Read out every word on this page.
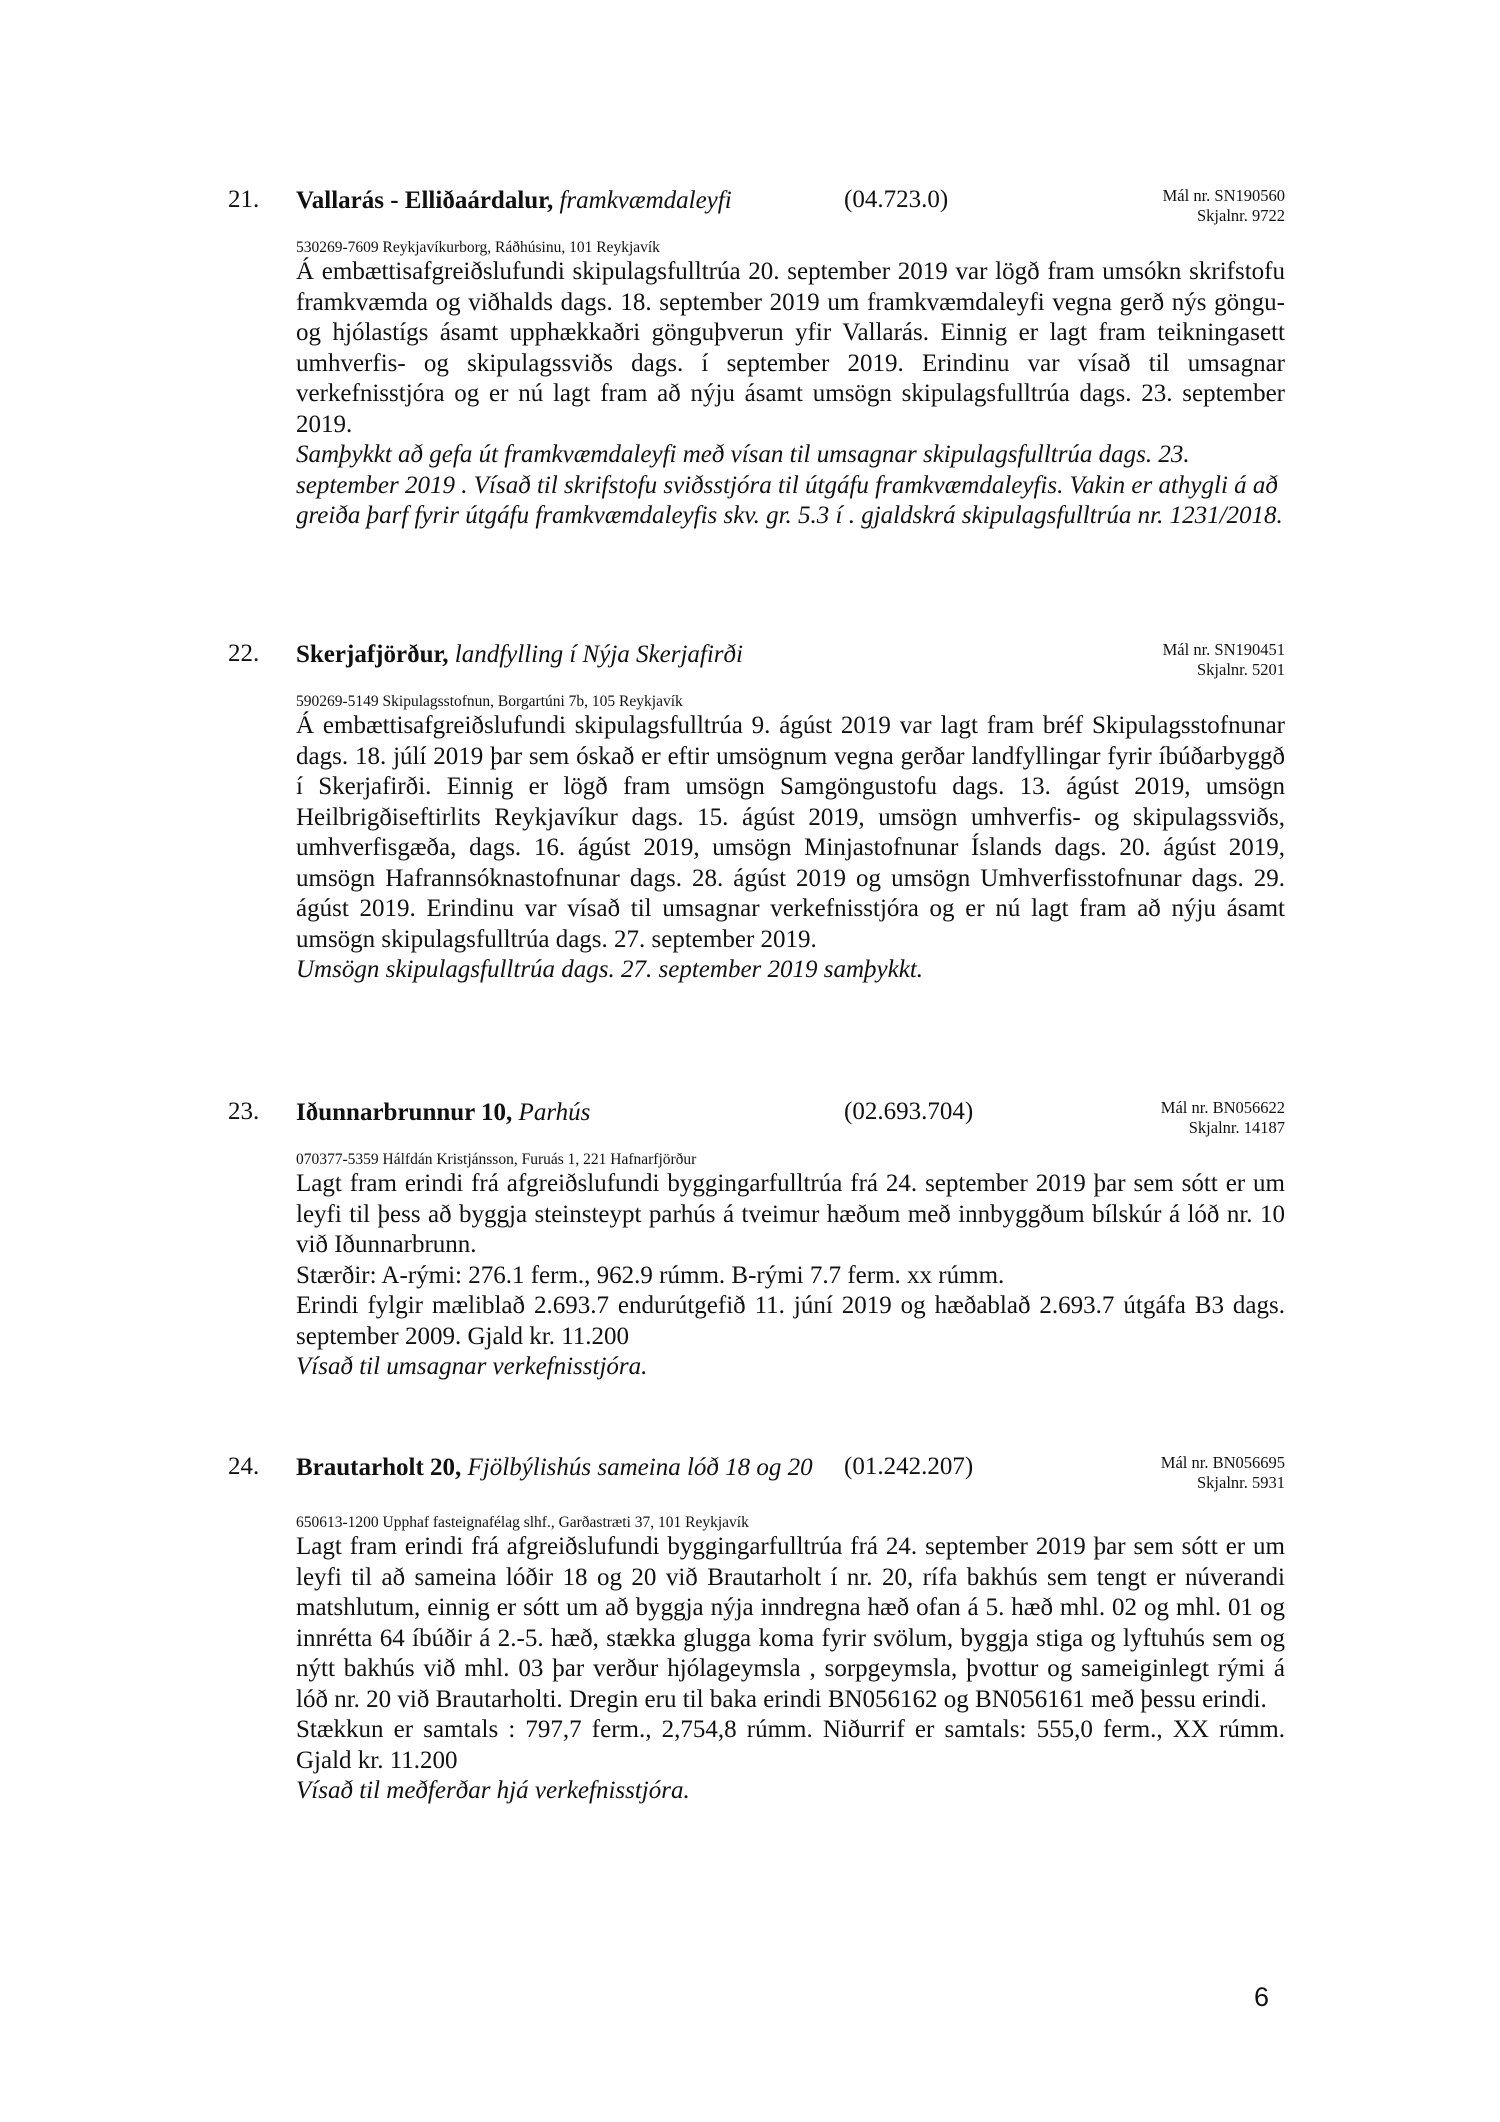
21. Vallarás - Elliðaárdalur, framkvæmdaleyfi	(04.723.0)	Mál nr. SN190560
Skjalnr. 9722
530269-7609 Reykjavíkurborg, Ráðhúsinu, 101 Reykjavík

Á embættisafgreiðslufundi skipulagsfulltrúa 20. september 2019 var lögð fram umsókn skrifstofu framkvæmda og viðhalds dags. 18. september 2019 um framkvæmdaleyfi vegna gerð nýs göngu- og hjólastígs ásamt upphækkaðri gönguþverun yfir Vallarás. Einnig er lagt fram teikningasett umhverfis- og skipulagssviðs dags. í september 2019. Erindinu var vísað til umsagnar verkefnisstjóra og er nú lagt fram að nýju ásamt umsögn skipulagsfulltrúa dags. 23. september 2019.

Samþykkt að gefa út framkvæmdaleyfi með vísan til umsagnar skipulagsfulltrúa dags. 23. september 2019 . Vísað til skrifstofu sviðsstjóra til útgáfu framkvæmdaleyfis. Vakin er athygli á að greiða þarf fyrir útgáfu framkvæmdaleyfis skv. gr. 5.3 í . gjaldskrá skipulagsfulltrúa nr. 1231/2018.

22. Skerjafjörður, landfylling í Nýja Skerjafirði	Mál nr. SN190451
Skjalnr. 5201
590269-5149 Skipulagsstofnun, Borgartúni 7b, 105 Reykjavík

Á embættisafgreiðslufundi skipulagsfulltrúa 9. ágúst 2019 var lagt fram bréf Skipulagsstofnunar dags. 18. júlí 2019 þar sem óskað er eftir umsögnum vegna gerðar landfyllingar fyrir íbúðarbyggð í Skerjafirði. Einnig er lögð fram umsögn Samgöngustofu dags. 13. ágúst 2019, umsögn Heilbrigðiseftirlits Reykjavíkur dags. 15. ágúst 2019, umsögn umhverfis- og skipulagssviðs, umhverfisgæða, dags. 16. ágúst 2019, umsögn Minjastofnunar Íslands dags. 20. ágúst 2019, umsögn Hafrannsóknastofnunar dags. 28. ágúst 2019 og umsögn Umhverfisstofnunar dags. 29. ágúst 2019. Erindinu var vísað til umsagnar verkefnisstjóra og er nú lagt fram að nýju ásamt umsögn skipulagsfulltrúa dags. 27. september 2019.

Umsögn skipulagsfulltrúa dags. 27. september 2019 samþykkt.

23. Iðunnarbrunnur 10, Parhús	(02.693.704)	Mál nr. BN056622
Skjalnr. 14187
070377-5359 Hálfdán Kristjánsson, Furuás 1, 221 Hafnarfjörður

Lagt fram erindi frá afgreiðslufundi byggingarfulltrúa frá 24. september 2019 þar sem sótt er um leyfi til þess að byggja steinsteypt parhús á tveimur hæðum með innbyggðum bílskúr á lóð nr. 10 við Iðunnarbrunn.

Stærðir: A-rými: 276.1 ferm., 962.9 rúmm. B-rými 7.7 ferm. xx rúmm.

Erindi fylgir mæliblað 2.693.7 endurútgefið 11. júní 2019 og hæðablað 2.693.7 útgáfa B3 dags. september 2009. Gjald kr. 11.200

Vísað til umsagnar verkefnisstjóra.

24. Brautarholt 20, Fjölbýlishús sameina lóð 18 og 20 (01.242.207)	Mál nr. BN056695
Skjalnr. 5931
650613-1200 Upphaf fasteignafélag slhf., Garðastræti 37, 101 Reykjavík

Lagt fram erindi frá afgreiðslufundi byggingarfulltrúa frá 24. september 2019 þar sem sótt er um leyfi til að sameina lóðir 18 og 20 við Brautarholt í nr. 20, rífa bakhús sem tengt er núverandi matshlutum, einnig er sótt um að byggja nýja inndregna hæð ofan á 5. hæð mhl. 02 og mhl. 01 og innrétta 64 íbúðir á 2.-5. hæð, stækka glugga koma fyrir svölum, byggja stiga og lyftuhús sem og nýtt bakhús við mhl. 03 þar verður hjólageymsla , sorpgeymsla, þvottur og sameiginlegt rými á lóð nr. 20 við Brautarholti. Dregin eru til baka erindi BN056162 og BN056161 með þessu erindi.

Stækkun er samtals : 797,7 ferm., 2,754,8 rúmm. Niðurrif er samtals: 555,0 ferm., XX rúmm. Gjald kr. 11.200

Vísað til meðferðar hjá verkefnisstjóra.

6
